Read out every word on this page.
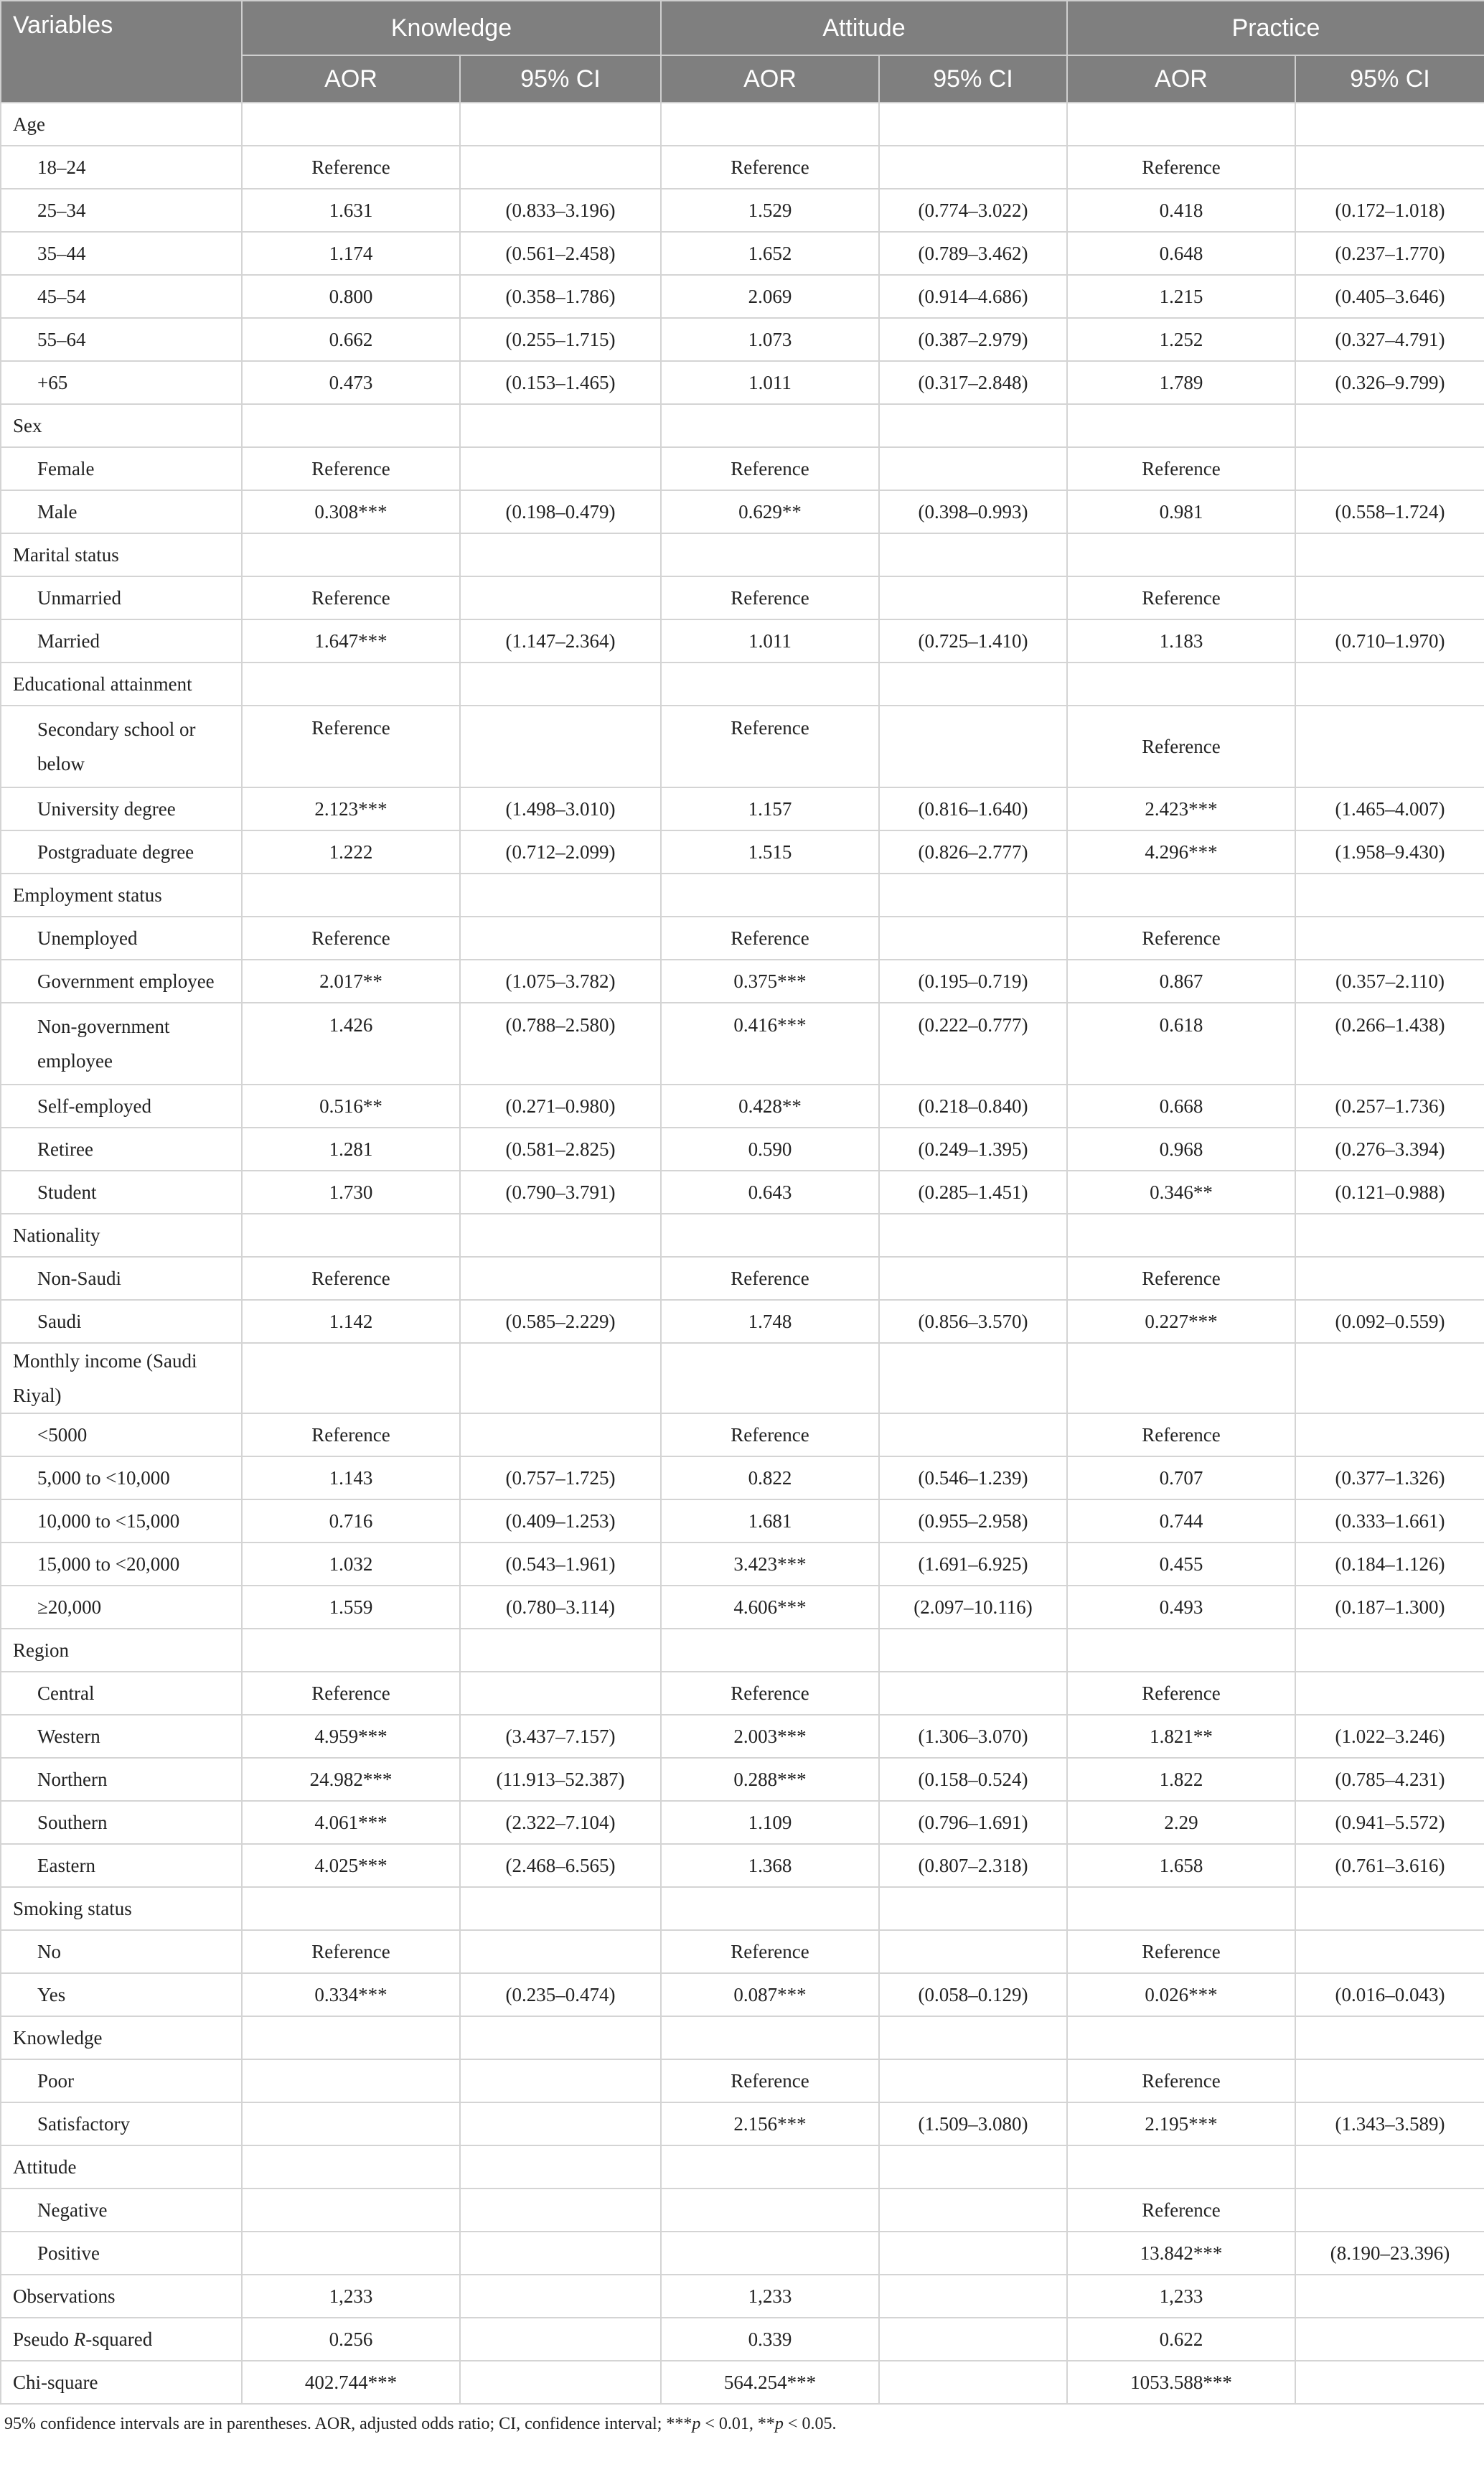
Variables	Knowledge		Attitude		Practice	
	AOR	95% CI	AOR	95% CI	AOR	95% CI
Age						
18–24	Reference		Reference		Reference	
25–34	1.631	(0.833–3.196)	1.529	(0.774–3.022)	0.418	(0.172–1.018)
35–44	1.174	(0.561–2.458)	1.652	(0.789–3.462)	0.648	(0.237–1.770)
45–54	0.800	(0.358–1.786)	2.069	(0.914–4.686)	1.215	(0.405–3.646)
55–64	0.662	(0.255–1.715)	1.073	(0.387–2.979)	1.252	(0.327–4.791)
+65	0.473	(0.153–1.465)	1.011	(0.317–2.848)	1.789	(0.326–9.799)
Sex						
Female	Reference		Reference		Reference	
Male	0.308***	(0.198–0.479)	0.629**	(0.398–0.993)	0.981	(0.558–1.724)
Marital status						
Unmarried	Reference		Reference		Reference	
Married	1.647***	(1.147–2.364)	1.011	(0.725–1.410)	1.183	(0.710–1.970)
Educational attainment						
Secondary school or below	Reference		Reference		Reference	
University degree	2.123***	(1.498–3.010)	1.157	(0.816–1.640)	2.423***	(1.465–4.007)
Postgraduate degree	1.222	(0.712–2.099)	1.515	(0.826–2.777)	4.296***	(1.958–9.430)
Employment status						
Unemployed	Reference		Reference		Reference	
Government employee	2.017**	(1.075–3.782)	0.375***	(0.195–0.719)	0.867	(0.357–2.110)
Non-government employee	1.426	(0.788–2.580)	0.416***	(0.222–0.777)	0.618	(0.266–1.438)
Self-employed	0.516**	(0.271–0.980)	0.428**	(0.218–0.840)	0.668	(0.257–1.736)
Retiree	1.281	(0.581–2.825)	0.590	(0.249–1.395)	0.968	(0.276–3.394)
Student	1.730	(0.790–3.791)	0.643	(0.285–1.451)	0.346**	(0.121–0.988)
Nationality						
Non-Saudi	Reference		Reference		Reference	
Saudi	1.142	(0.585–2.229)	1.748	(0.856–3.570)	0.227***	(0.092–0.559)
Monthly income (Saudi Riyal)						
<5000	Reference		Reference		Reference	
5,000 to <10,000	1.143	(0.757–1.725)	0.822	(0.546–1.239)	0.707	(0.377–1.326)
10,000 to <15,000	0.716	(0.409–1.253)	1.681	(0.955–2.958)	0.744	(0.333–1.661)
15,000 to <20,000	1.032	(0.543–1.961)	3.423***	(1.691–6.925)	0.455	(0.184–1.126)
≥20,000	1.559	(0.780–3.114)	4.606***	(2.097–10.116)	0.493	(0.187–1.300)
Region						
Central	Reference		Reference		Reference	
Western	4.959***	(3.437–7.157)	2.003***	(1.306–3.070)	1.821**	(1.022–3.246)
Northern	24.982***	(11.913–52.387)	0.288***	(0.158–0.524)	1.822	(0.785–4.231)
Southern	4.061***	(2.322–7.104)	1.109	(0.796–1.691)	2.29	(0.941–5.572)
Eastern	4.025***	(2.468–6.565)	1.368	(0.807–2.318)	1.658	(0.761–3.616)
Smoking status						
No	Reference		Reference		Reference	
Yes	0.334***	(0.235–0.474)	0.087***	(0.058–0.129)	0.026***	(0.016–0.043)
Knowledge						
Poor			Reference		Reference	
Satisfactory			2.156***	(1.509–3.080)	2.195***	(1.343–3.589)
Attitude						
Negative					Reference	
Positive					13.842***	(8.190–23.396)
Observations	1,233		1,233		1,233	
Pseudo R-squared	0.256		0.339		0.622	
Chi-square	402.744***		564.254***		1053.588***	
95% confidence intervals are in parentheses. AOR, adjusted odds ratio; CI, confidence interval; ***p < 0.01, **p < 0.05.
